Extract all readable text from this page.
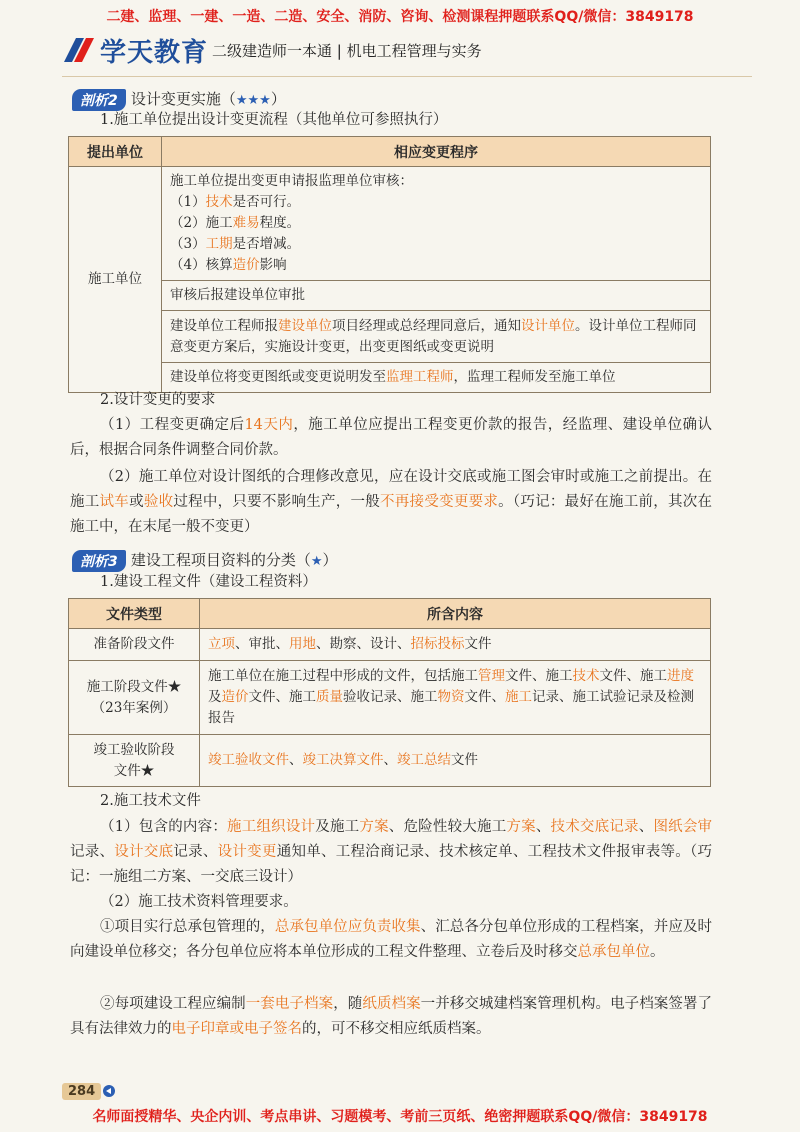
二建、监理、一建、一造、二造、安全、消防、咨询、检测课程押题联系QQ/微信：3849178
学天教育 二级建造师一本通 | 机电工程管理与实务
剖析2 设计变更实施（★★★）
1.施工单位提出设计变更流程（其他单位可参照执行）
提出单位	相应变更程序
施工单位	施工单位提出变更申请报监理单位审核：
（1）技术是否可行。
（2）施工难易程度。
（3）工期是否增减。
（4）核算造价影响

	审核后报建设单位审批
	建设单位工程师报建设单位项目经理或总经理同意后，通知设计单位。设计单位工程师同意变更方案后，实施设计变更，出变更图纸或变更说明
	建设单位将变更图纸或变更说明发至监理工程师，监理工程师发至施工单位
2.设计变更的要求
（1）工程变更确定后14天内，施工单位应提出工程变更价款的报告，经监理、建设单位确认后，根据合同条件调整合同价款。
（2）施工单位对设计图纸的合理修改意见，应在设计交底或施工图会审时或施工之前提出。在施工试车或验收过程中，只要不影响生产，一般不再接受变更要求。（巧记：最好在施工前，其次在施工中，在末尾一般不变更）
剖析3 建设工程项目资料的分类（★）
1.建设工程文件（建设工程资料）
文件类型	所含内容
准备阶段文件	立项、审批、用地、勘察、设计、招标投标文件

施工阶段文件★
（23年案例）	施工单位在施工过程中形成的文件，包括施工管理文件、施工技术文件、施工进度及造价文件、施工质量验收记录、施工物资文件、施工记录、施工试验记录及检测报告

竣工验收阶段
文件★	竣工验收文件、竣工决算文件、竣工总结文件
2.施工技术文件
（1）包含的内容：施工组织设计及施工方案、危险性较大施工方案、技术交底记录、图纸会审记录、设计交底记录、设计变更通知单、工程洽商记录、技术核定单、工程技术文件报审表等。（巧记：一施组二方案、一交底三设计）
（2）施工技术资料管理要求。
①项目实行总承包管理的，总承包单位应负责收集、汇总各分包单位形成的工程档案，并应及时向建设单位移交；各分包单位应将本单位形成的工程文件整理、立卷后及时移交总承包单位。
②每项建设工程应编制一套电子档案，随纸质档案一并移交城建档案管理机构。电子档案签署了具有法律效力的电子印章或电子签名的，可不移交相应纸质档案。
284
名师面授精华、央企内训、考点串讲、习题模考、考前三页纸、绝密押题联系QQ/微信：3849178
